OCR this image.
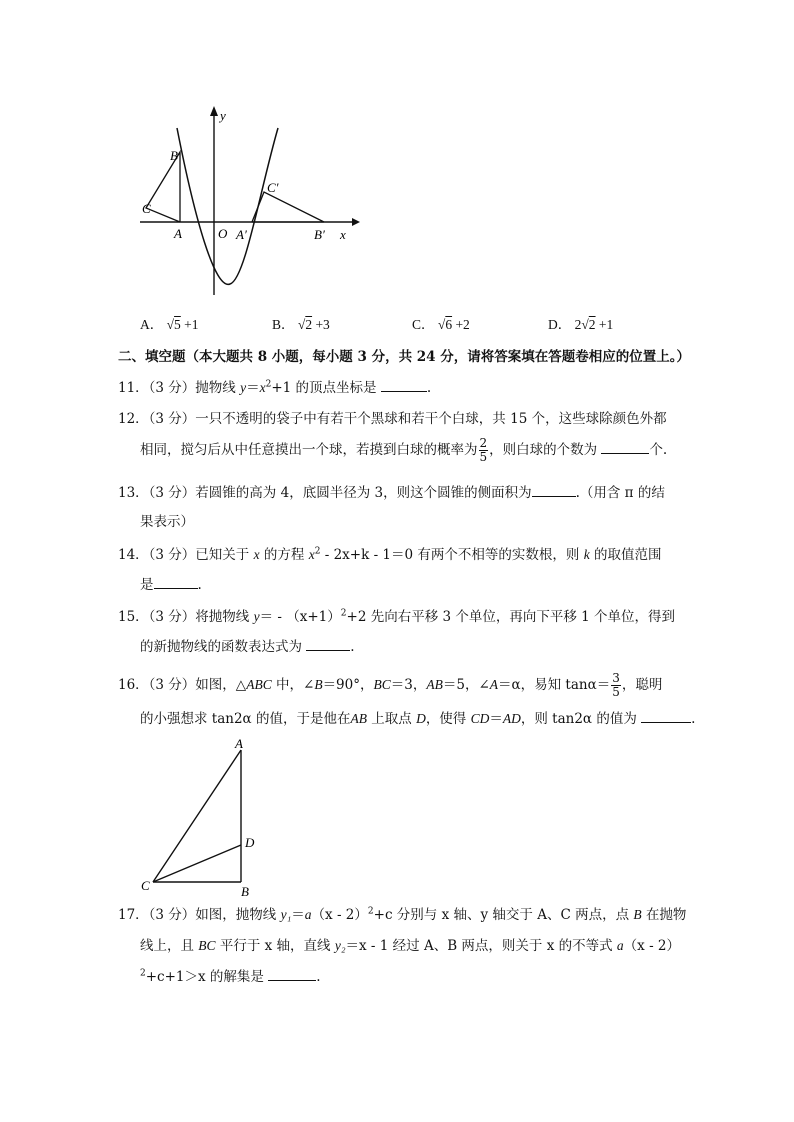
y
x
B
C
A	O A′
C′
B′
A． √5 +1	B． √2 +3	C． √6 +2	D． 2√2 +1
二、填空题（本大题共 8 小题，每小题 3 分，共 24 分，请将答案填在答题卷相应的位置上。）
11．（3 分）抛物线 $y=x^2+1$ 的顶点坐标是	.
12．（3 分）一只不透明的袋子中有若干个黑球和若干个白球，共 15 个，这些球除颜色外都
相同，搅匀后从中任意摸出一个球，若摸到白球的概率为 $\frac{2}{5}$ ，则白球的个数为	个.
13．（3 分）若圆锥的高为 4，底圆半径为 3，则这个圆锥的侧面积为	.（用含 π 的结
果表示）
14．（3 分）已知关于 x 的方程 $x^2 - 2x+k - 1=0$ 有两个不相等的实数根，则 k 的取值范围
是	.
15．（3 分）将抛物线 $y= - (x+1)^2+2$ 先向右平移 3 个单位，再向下平移 1 个单位，得到
的新抛物线的函数表达式为	.
16．（3 分）如图，△ABC 中，∠B＝90°，BC＝3，AB＝5，∠A＝α，易知 $\tan\alpha= \frac{3}{5}$ ，聪明
的小强想求 tan2α 的值，于是他在AB 上取点 D，使得 CD＝AD，则 tan2α 的值为	.
A
D
C	B
17．（3 分）如图，抛物线 y₁＝a（x - 2）$^2$+c 分别与 x 轴、y 轴交于 A、C 两点，点 B 在抛物
线上，且 BC 平行于 x 轴，直线 y₂＝x - 1 经过 A、B 两点，则关于 x 的不等式 a（x - 2）
$^2$+c+1＞x 的解集是	.
